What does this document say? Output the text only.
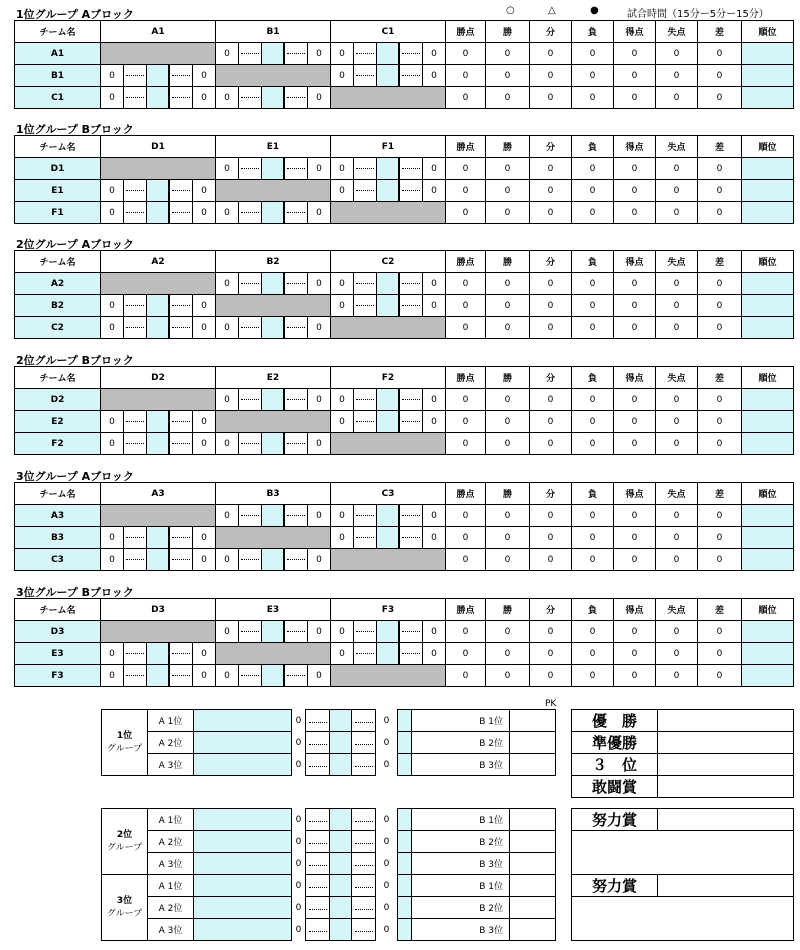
○	△	●	試合時間（15分ー5分ー15分）
1位グループ Aブロック
チーム名	A1	B1	C1	勝点	勝	分	負	得点	失点	差	順位
A1		0 0	0 0	0	0	0	0	0	0	0	
B1	0 0		0 0	0	0	0	0	0	0	0	
C1	0 0	0 0		0	0	0	0	0	0	0	
1位グループ Bブロック
チーム名	D1	E1	F1	勝点	勝	分	負	得点	失点	差	順位
D1		0 0	0 0	0	0	0	0	0	0	0	
E1	0 0		0 0	0	0	0	0	0	0	0	
F1	0 0	0 0		0	0	0	0	0	0	0	
2位グループ Aブロック
チーム名	A2	B2	C2	勝点	勝	分	負	得点	失点	差	順位
A2		0 0	0 0	0	0	0	0	0	0	0	
B2	0 0		0 0	0	0	0	0	0	0	0	
C2	0 0	0 0		0	0	0	0	0	0	0	
2位グループ Bブロック
チーム名	D2	E2	F2	勝点	勝	分	負	得点	失点	差	順位
D2		0 0	0 0	0	0	0	0	0	0	0	
E2	0 0		0 0	0	0	0	0	0	0	0	
F2	0 0	0 0		0	0	0	0	0	0	0	
3位グループ Aブロック
チーム名	A3	B3	C3	勝点	勝	分	負	得点	失点	差	順位
A3		0 0	0 0	0	0	0	0	0	0	0	
B3	0 0		0 0	0	0	0	0	0	0	0	
C3	0 0	0 0		0	0	0	0	0	0	0	
3位グループ Bブロック
チーム名	D3	E3	F3	勝点	勝	分	負	得点	失点	差	順位
D3		0 0	0 0	0	0	0	0	0	0	0	
E3	0 0		0 0	0	0	0	0	0	0	0	
F3	0 0	0 0		0	0	0	0	0	0	0	
PK
1位
グループ	A 1位		0				0		B 1位	
	A 2位		0				0		B 2位	
	A 3位		0				0		B 3位	
2位
グループ	A 1位		0				0		B 1位	
	A 2位		0				0		B 2位	
	A 3位		0				0		B 3位	
3位
グループ	A 1位		0				0		B 1位	
	A 2位		0				0		B 2位	
	A 3位		0				0		B 3位	
優　勝	
準優勝	
３　位	
敢闘賞	
努力賞	

努力賞	
